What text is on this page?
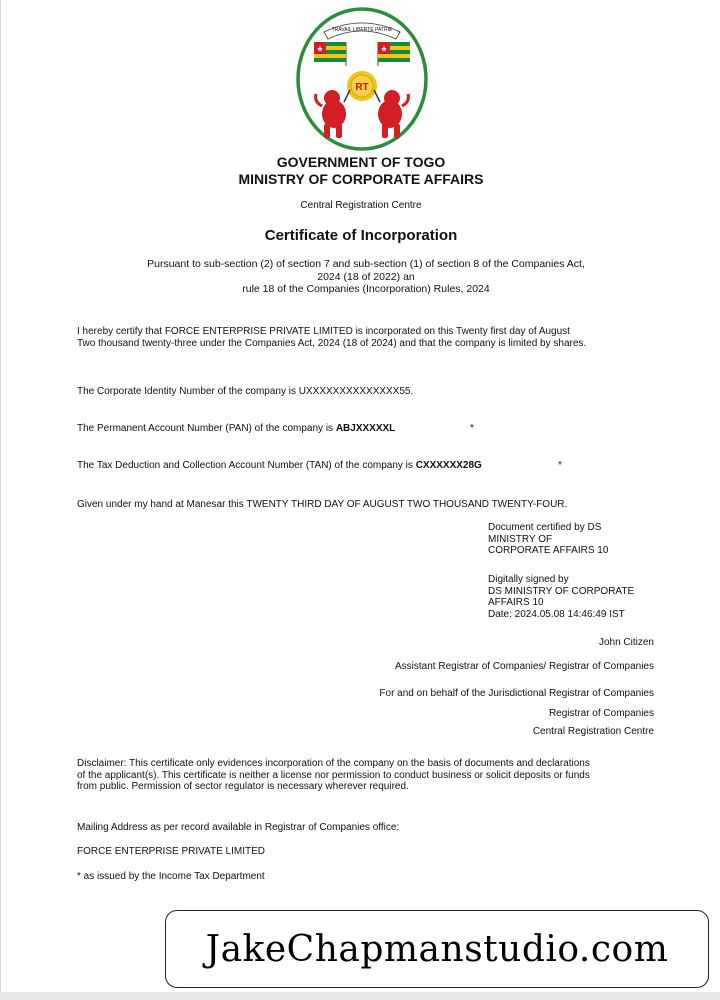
TRAVAIL LIBERTÉ PATRIE
★	★
RT
GOVERNMENT OF TOGO
MINISTRY OF CORPORATE AFFAIRS
Central Registration Centre
Certificate of Incorporation
Pursuant to sub-section (2) of section 7 and sub-section (1) of section 8 of the Companies Act,
2024 (18 of 2022) an
rule 18 of the Companies (Incorporation) Rules, 2024
I hereby certify that FORCE ENTERPRISE PRIVATE LIMITED is incorporated on this Twenty first day of August
Two thousand twenty-three under the Companies Act, 2024 (18 of 2024) and that the company is limited by shares.
The Corporate Identity Number of the company is UXXXXXXXXXXXXXX55.
The Permanent Account Number (PAN) of the company is ABJXXXXXL	*
The Tax Deduction and Collection Account Number (TAN) of the company is CXXXXXX28G	*
Given under my hand at Manesar this TWENTY THIRD DAY OF AUGUST TWO THOUSAND TWENTY-FOUR.
Document certified by DS
MINISTRY OF
CORPORATE AFFAIRS 10
Digitally signed by
DS MINISTRY OF CORPORATE
AFFAIRS 10
Date: 2024.05.08 14:46:49 IST
John Citizen
Assistant Registrar of Companies/ Registrar of Companies
For and on behalf of the Jurisdictional Registrar of Companies
Registrar of Companies
Central Registration Centre
Disclaimer: This certificate only evidences incorporation of the company on the basis of documents and declarations
of the applicant(s). This certificate is neither a license nor permission to conduct business or solicit deposits or funds
from public. Permission of sector regulator is necessary wherever required.
Mailing Address as per record available in Registrar of Companies office:
FORCE ENTERPRISE PRIVATE LIMITED
* as issued by the Income Tax Department
JakeChapmanstudio.com
